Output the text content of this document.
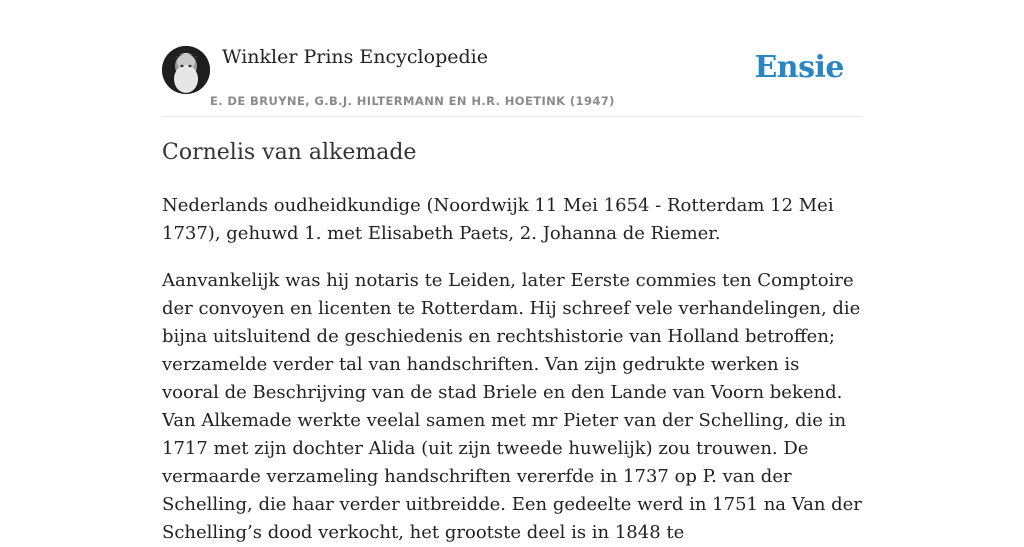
Winkler Prins Encyclopedie
E. DE BRUYNE, G.B.J. HILTERMANN EN H.R. HOETINK (1947)
Ensie
Cornelis van alkemade

Nederlands oudheidkundige (Noordwijk 11 Mei 1654 - Rotterdam 12 Mei 1737), gehuwd 1. met Elisabeth Paets, 2. Johanna de Riemer.

Aanvankelijk was hij notaris te Leiden, later Eerste commies ten Comptoire der convoyen en licenten te Rotterdam. Hij schreef vele verhandelingen, die bijna uitsluitend de geschiedenis en rechtshistorie van Holland betroffen; verzamelde verder tal van handschriften. Van zijn gedrukte werken is vooral de Beschrijving van de stad Briele en den Lande van Voorn bekend. Van Alkemade werkte veelal samen met mr Pieter van der Schelling, die in 1717 met zijn dochter Alida (uit zijn tweede huwelijk) zou trouwen. De vermaarde verzameling handschriften vererfde in 1737 op P. van der Schelling, die haar verder uitbreidde. Een gedeelte werd in 1751 na Van der Schelling’s dood verkocht, het grootste deel is in 1848 te
